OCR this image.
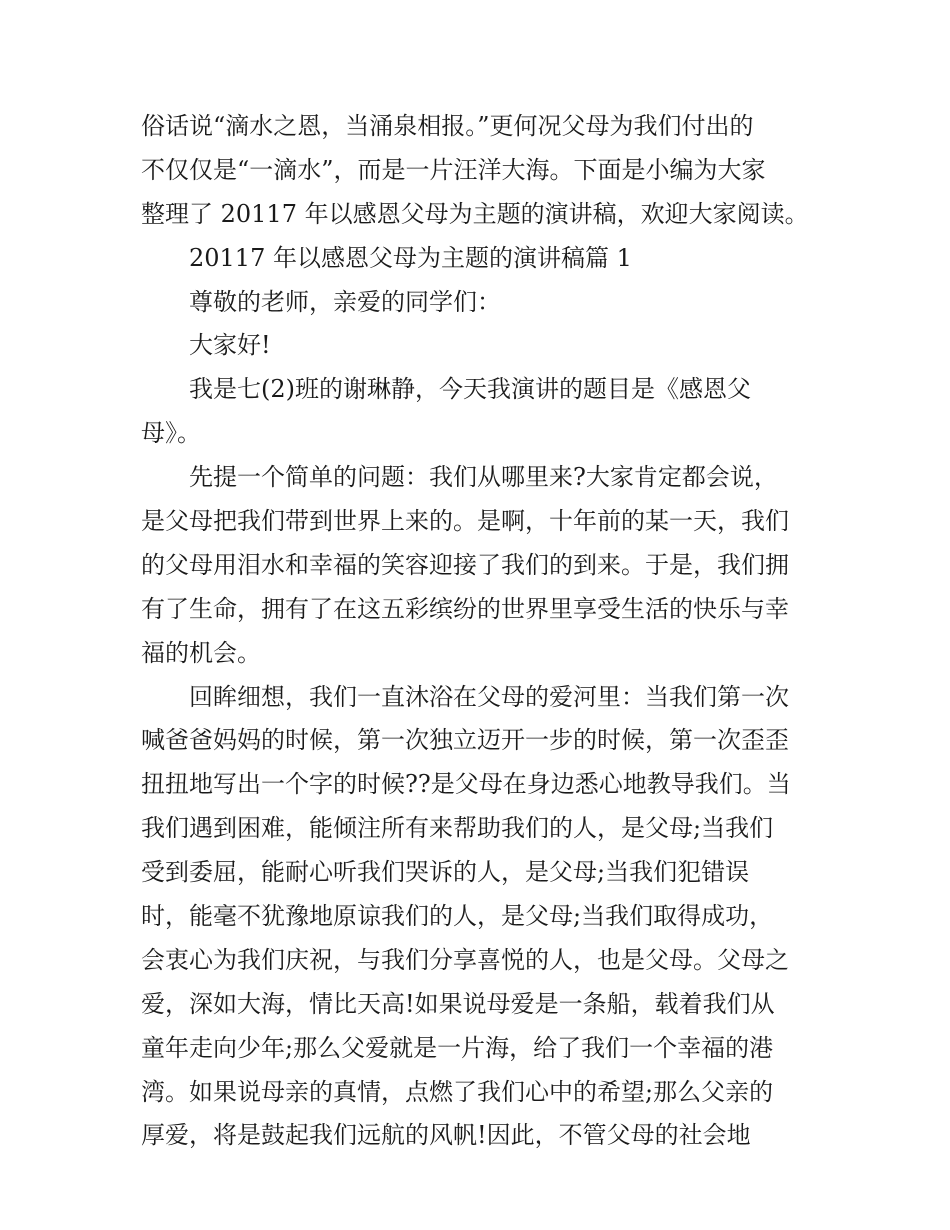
俗话说“滴水之恩，当涌泉相报。”更何况父母为我们付出的
不仅仅是“一滴水”，而是一片汪洋大海。下面是小编为大家
整理了 20117 年以感恩父母为主题的演讲稿，欢迎大家阅读。
20117 年以感恩父母为主题的演讲稿篇 1
尊敬的老师，亲爱的同学们：
大家好!
我是七(2)班的谢琳静，今天我演讲的题目是《感恩父
母》。
先提一个简单的问题：我们从哪里来?大家肯定都会说，
是父母把我们带到世界上来的。是啊，十年前的某一天，我们
的父母用泪水和幸福的笑容迎接了我们的到来。于是，我们拥
有了生命，拥有了在这五彩缤纷的世界里享受生活的快乐与幸
福的机会。
回眸细想，我们一直沐浴在父母的爱河里：当我们第一次
喊爸爸妈妈的时候，第一次独立迈开一步的时候，第一次歪歪
扭扭地写出一个字的时候??是父母在身边悉心地教导我们。当
我们遇到困难，能倾注所有来帮助我们的人，是父母;当我们
受到委屈，能耐心听我们哭诉的人，是父母;当我们犯错误
时，能毫不犹豫地原谅我们的人，是父母;当我们取得成功，
会衷心为我们庆祝，与我们分享喜悦的人，也是父母。父母之
爱，深如大海，情比天高!如果说母爱是一条船，载着我们从
童年走向少年;那么父爱就是一片海，给了我们一个幸福的港
湾。如果说母亲的真情，点燃了我们心中的希望;那么父亲的
厚爱，将是鼓起我们远航的风帆!因此，不管父母的社会地
